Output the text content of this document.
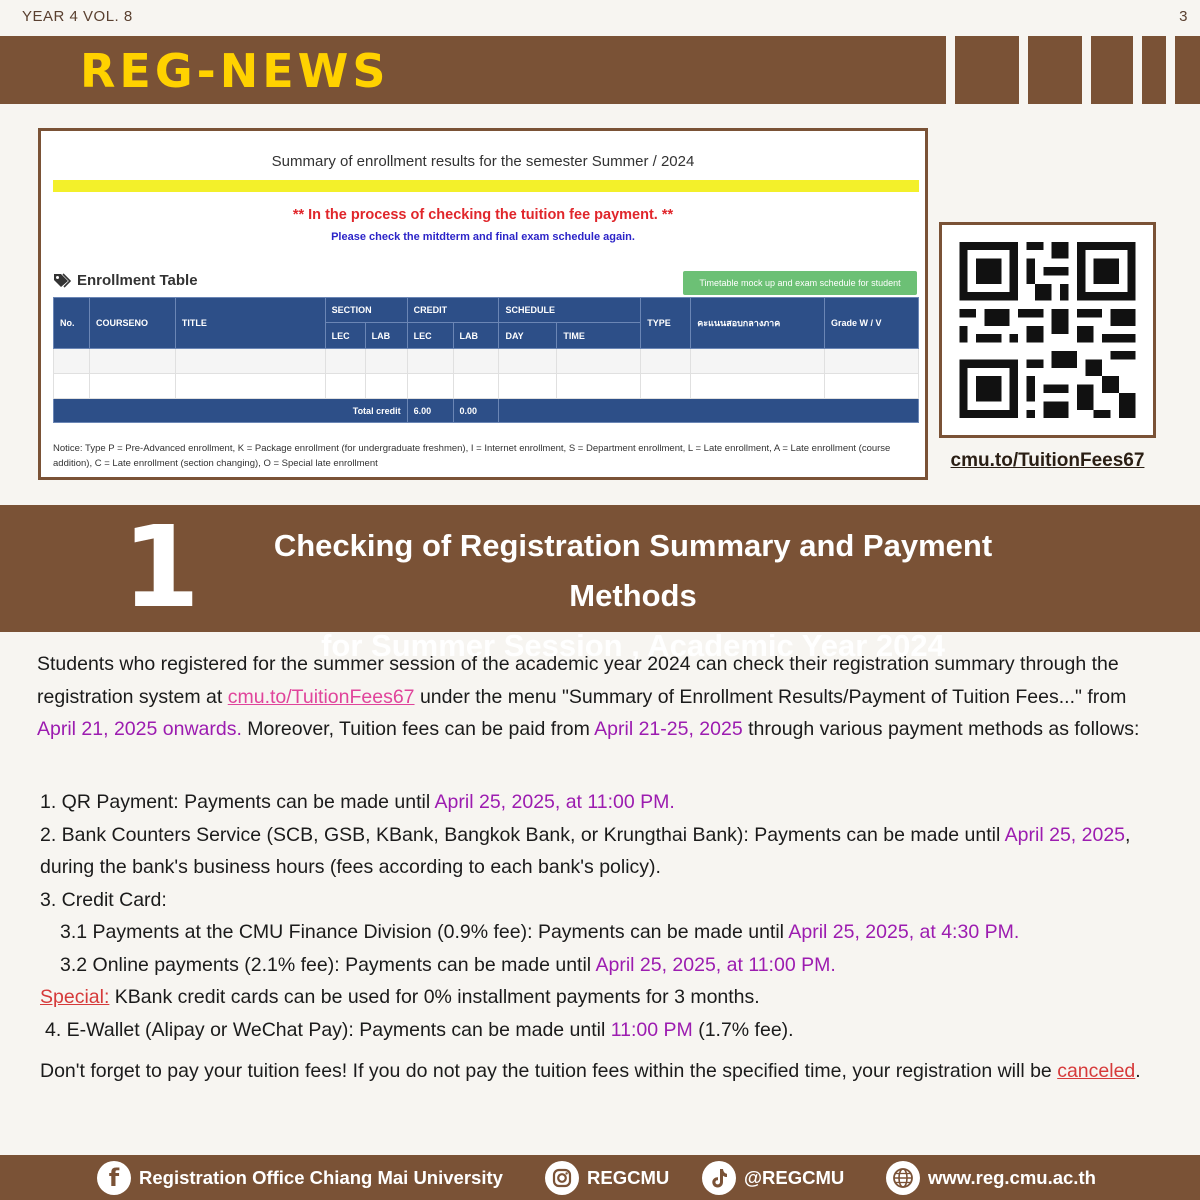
YEAR 4 VOL. 8	3
REG-NEWS
Summary of enrollment results for the semester Summer / 2024
** In the process of checking the tuition fee payment. **
Please check the mitdterm and final exam schedule again.
Enrollment Table	Timetable mock up and exam schedule for student
No.	COURSENO	TITLE	SECTION		CREDIT		SCHEDULE		TYPE	คะแนนสอบกลางภาค	Grade W / V
			LEC	LAB	LEC	LAB	DAY	TIME			

Total credit					6.00	0.00					
Notice: Type P = Pre-Advanced enrollment, K = Package enrollment (for undergraduate freshmen), I = Internet enrollment, S = Department enrollment, L = Late enrollment, A = Late enrollment (course addition), C = Late enrollment (section changing), O = Special late enrollment	cmu.to/TuitionFees67
1	Checking of Registration Summary and Payment Methods
for Summer Session , Academic Year 2024
Students who registered for the summer session of the academic year 2024 can check their registration summary through the registration system at cmu.to/TuitionFees67 under the menu "Summary of Enrollment Results/Payment of Tuition Fees..." from April 21, 2025 onwards. Moreover, Tuition fees can be paid from April 21-25, 2025 through various payment methods as follows:
1. QR Payment: Payments can be made until April 25, 2025, at 11:00 PM.
2. Bank Counters Service (SCB, GSB, KBank, Bangkok Bank, or Krungthai Bank): Payments can be made until April 25, 2025,
during the bank's business hours (fees according to each bank's policy).
3. Credit Card:
3.1 Payments at the CMU Finance Division (0.9% fee): Payments can be made until April 25, 2025, at 4:30 PM.
3.2 Online payments (2.1% fee): Payments can be made until April 25, 2025, at 11:00 PM.
Special: KBank credit cards can be used for 0% installment payments for 3 months.
4. E-Wallet (Alipay or WeChat Pay): Payments can be made until 11:00 PM (1.7% fee).
Don't forget to pay your tuition fees! If you do not pay the tuition fees within the specified time, your registration will be canceled.
f	Registration Office Chiang Mai University	REGCMU	@REGCMU	www.reg.cmu.ac.th
